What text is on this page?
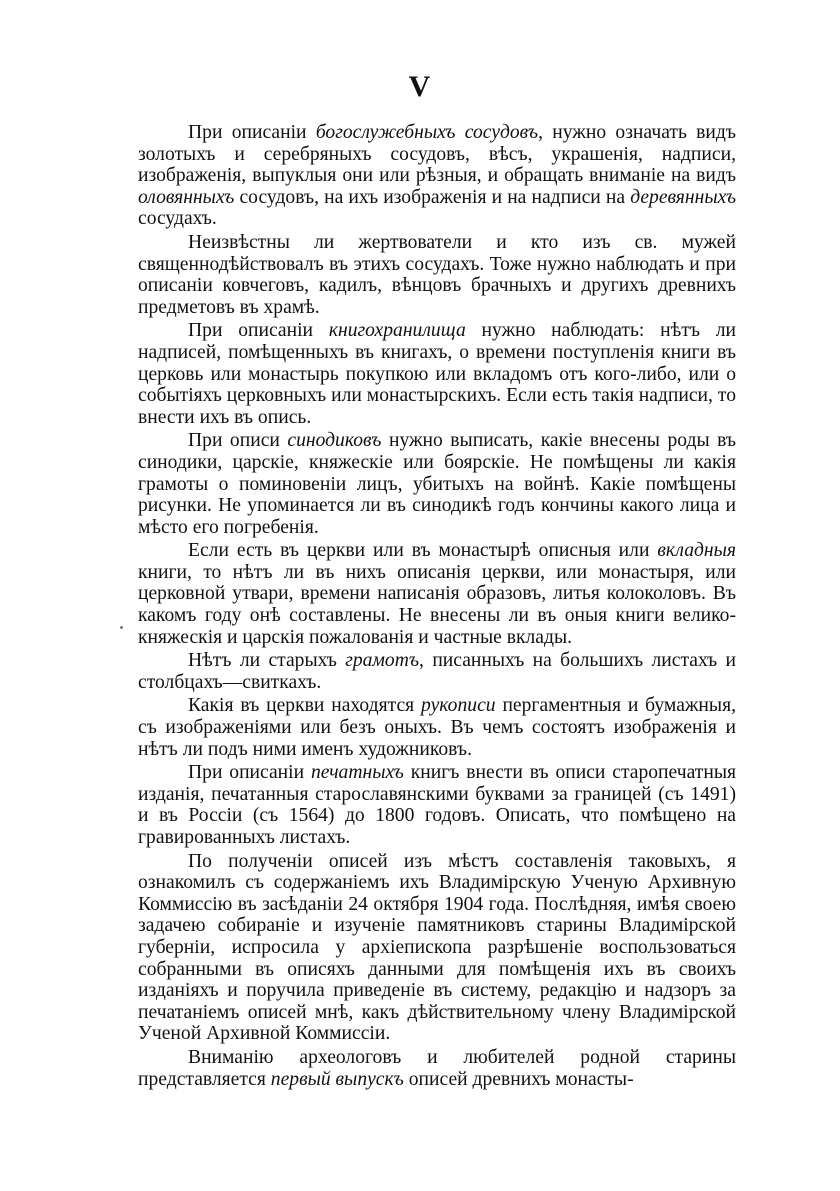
V

При описаніи богослужебныхъ сосудовъ, нужно означать видъ золотыхъ и серебряныхъ сосудовъ, вѣсъ, украшенія, надписи, изображенія, выпуклыя они или рѣзныя, и обращать вниманіе на видъ оловянныхъ сосудовъ, на ихъ изображенія и на надписи на деревянныхъ сосудахъ.

Неизвѣстны ли жертвователи и кто изъ св. мужей священнодѣйствовалъ въ этихъ сосудахъ. Тоже нужно наблюдать и при описаніи ковчеговъ, кадилъ, вѣнцовъ брачныхъ и другихъ древнихъ предметовъ въ храмѣ.

При описаніи книгохранилища нужно наблюдать: нѣтъ ли надписей, помѣщенныхъ въ книгахъ, о времени поступленія книги въ церковь или монастырь покупкою или вкладомъ отъ кого-либо, или о событіяхъ церковныхъ или монастырскихъ. Если есть такія надписи, то внести ихъ въ опись.

При описи синодиковъ нужно выписать, какіе внесены роды въ синодики, царскіе, княжескіе или боярскіе. Не помѣщены ли какія грамоты о поминовеніи лицъ, убитыхъ на войнѣ. Какіе помѣщены рисунки. Не упоминается ли въ синодикѣ годъ кончины какого лица и мѣсто его погребенія.

Если есть въ церкви или въ монастырѣ описныя или вкладныя книги, то нѣтъ ли въ нихъ описанія церкви, или монастыря, или церковной утвари, времени написанія образовъ, литья колоколовъ. Въ какомъ году онѣ составлены. Не внесены ли въ оныя книги велико-княжескія и царскія пожалованія и частные вклады.

Нѣтъ ли старыхъ грамотъ, писанныхъ на большихъ листахъ и столбцахъ—свиткахъ.

Какія въ церкви находятся рукописи пергаментныя и бумажныя, съ изображеніями или безъ оныхъ. Въ чемъ состоятъ изображенія и нѣтъ ли подъ ними именъ художниковъ.

При описаніи печатныхъ книгъ внести въ описи старопечатныя изданія, печатанныя старославянскими буквами за границей (съ 1491) и въ Россіи (съ 1564) до 1800 годовъ. Описать, что помѣщено на гравированныхъ листахъ.

По полученіи описей изъ мѣстъ составленія таковыхъ, я ознакомилъ съ содержаніемъ ихъ Владимірскую Ученую Архивную Коммиссію въ засѣданіи 24 октября 1904 года. Послѣдняя, имѣя своею задачею собираніе и изученіе памятниковъ старины Владимірской губерніи, испросила у архіепископа разрѣшеніе воспользоваться собранными въ описяхъ данными для помѣщенія ихъ въ своихъ изданіяхъ и поручила приведеніе въ систему, редакцію и надзоръ за печатаніемъ описей мнѣ, какъ дѣйствительному члену Владимірской Ученой Архивной Коммиссіи.

Вниманію археологовъ и любителей родной старины представляется первый выпускъ описей древнихъ монасты-
